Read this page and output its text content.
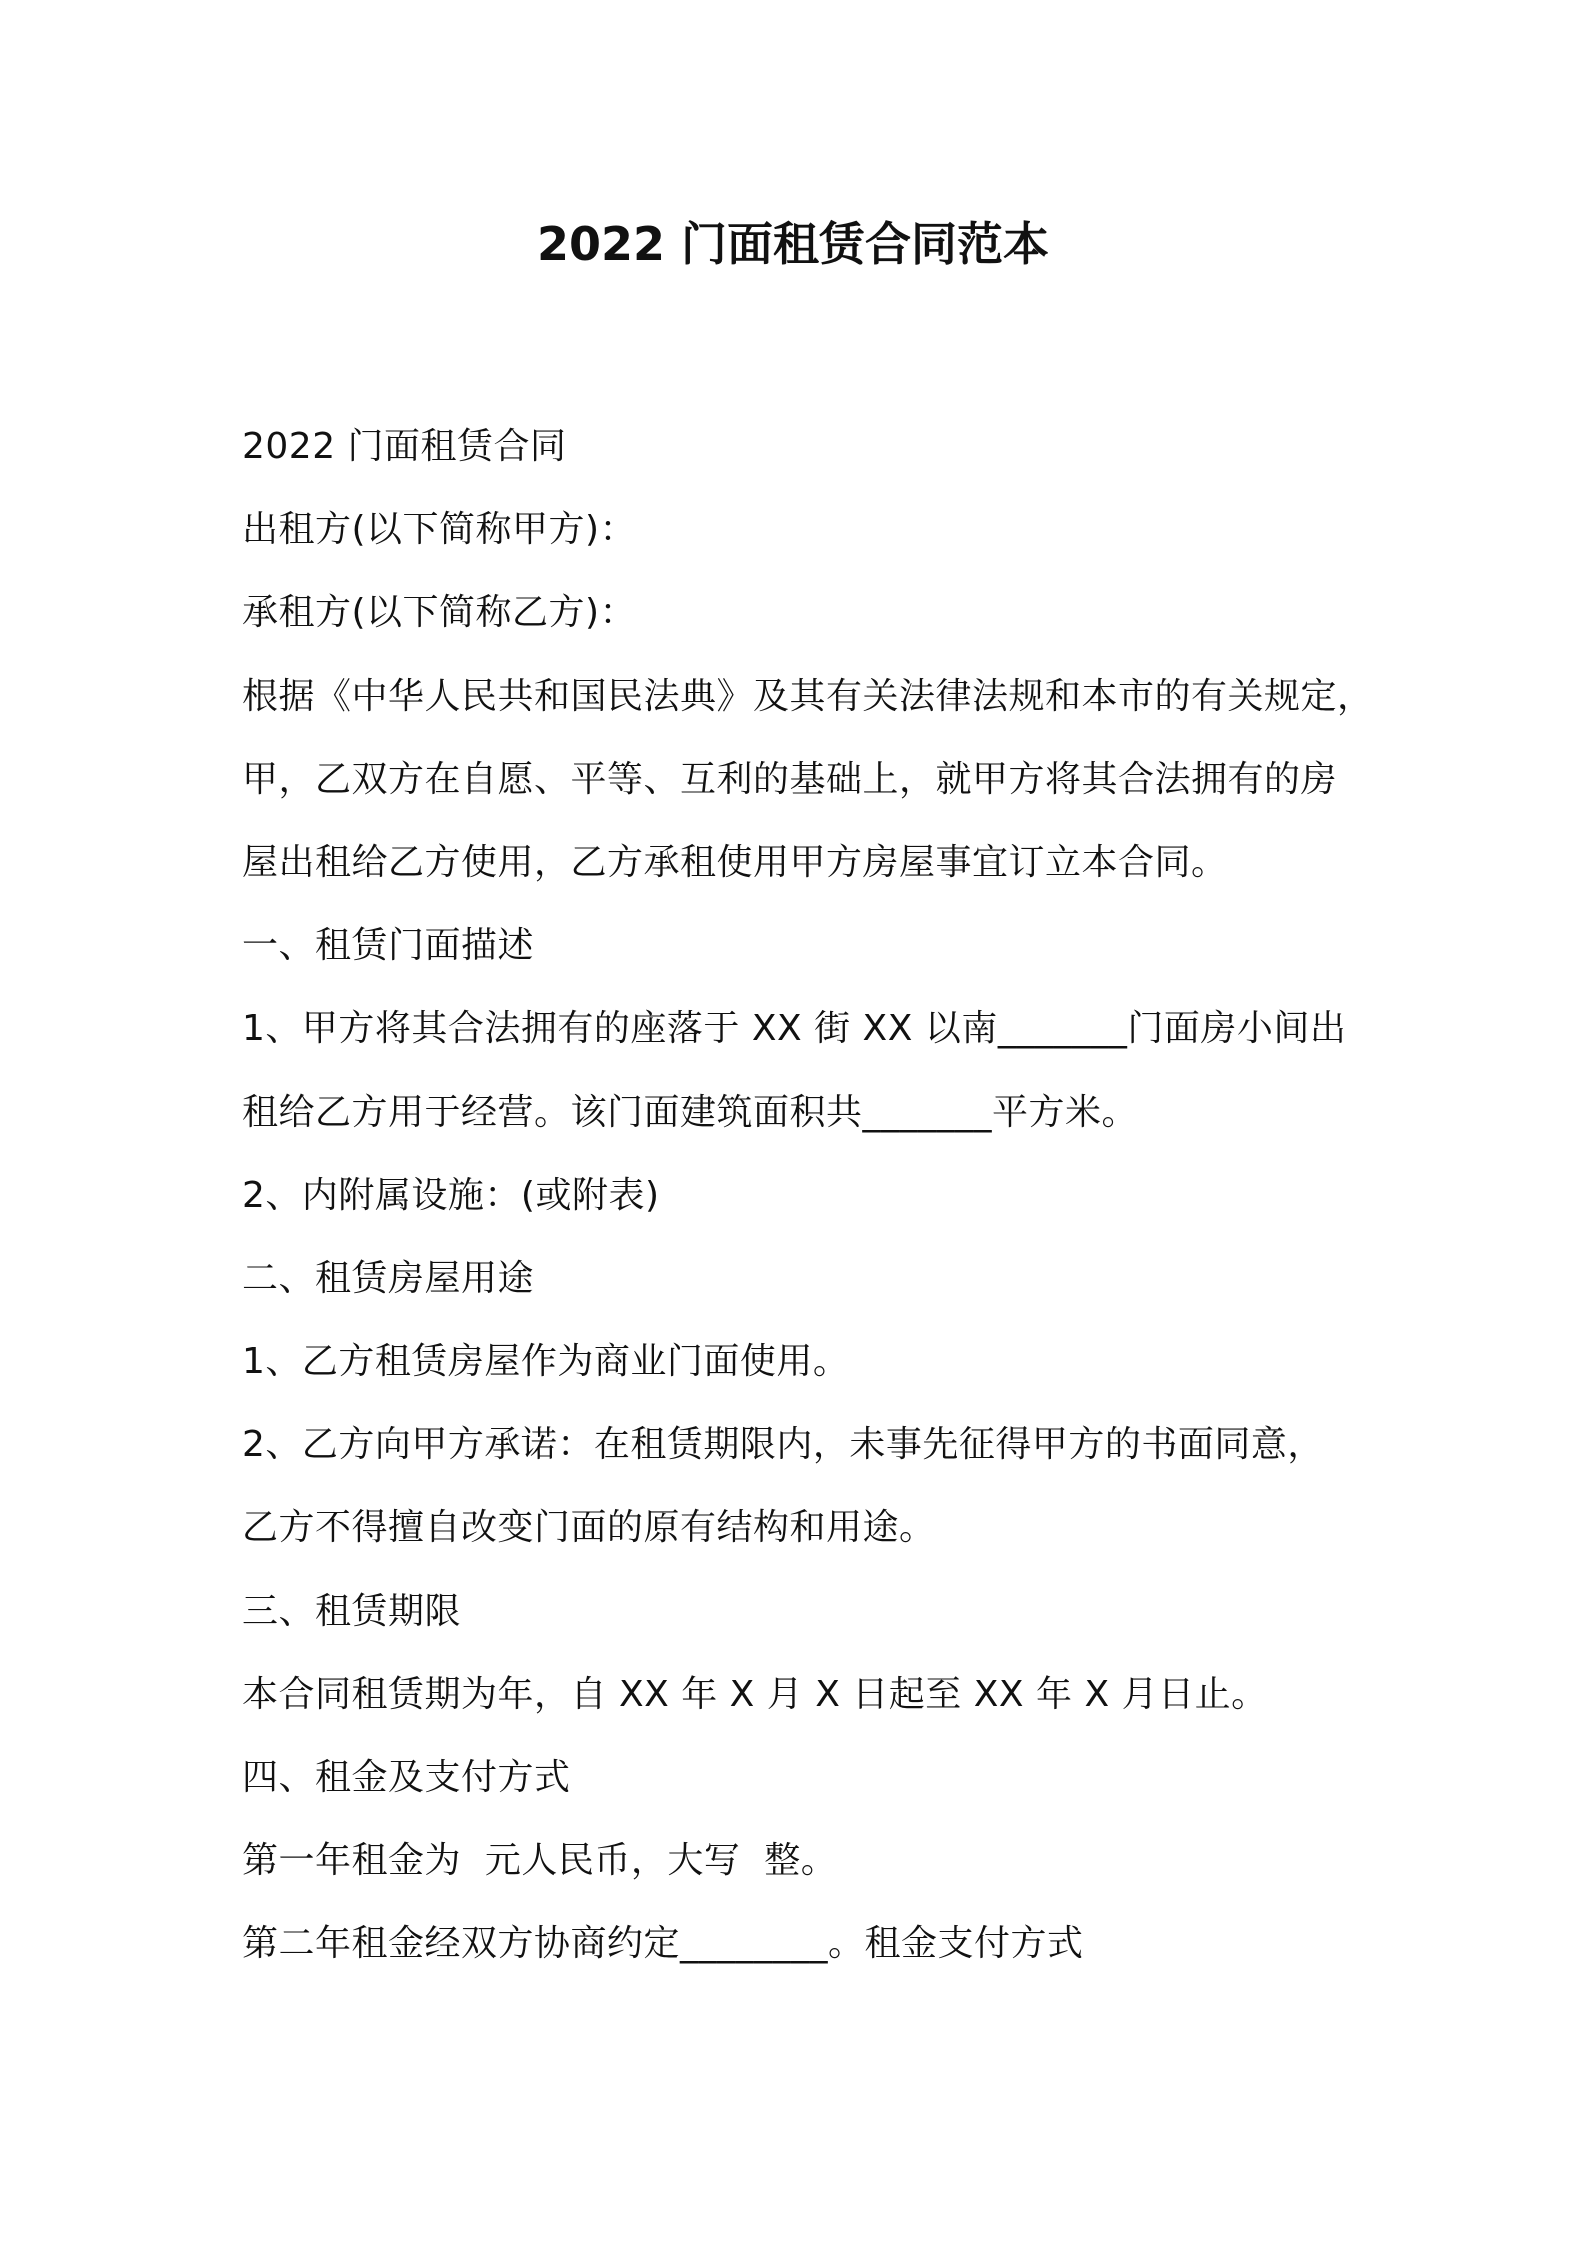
2022 门面租赁合同范本
2022 门面租赁合同
出租方(以下简称甲方)：
承租方(以下简称乙方)：
根据《中华人民共和国民法典》及其有关法律法规和本市的有关规定，
甲，乙双方在自愿、平等、互利的基础上，就甲方将其合法拥有的房
屋出租给乙方使用，乙方承租使用甲方房屋事宜订立本合同。
一、租赁门面描述
1、甲方将其合法拥有的座落于 XX 街 XX 以南_______门面房小间出
租给乙方用于经营。该门面建筑面积共_______平方米。
2、内附属设施：(或附表)
二、租赁房屋用途
1、乙方租赁房屋作为商业门面使用。
2、乙方向甲方承诺：在租赁期限内，未事先征得甲方的书面同意，
乙方不得擅自改变门面的原有结构和用途。
三、租赁期限
本合同租赁期为年，自 XX 年 X 月 X 日起至 XX 年 X 月日止。
四、租金及支付方式
第一年租金为  元人民币，大写  整。
第二年租金经双方协商约定________。租金支付方式
